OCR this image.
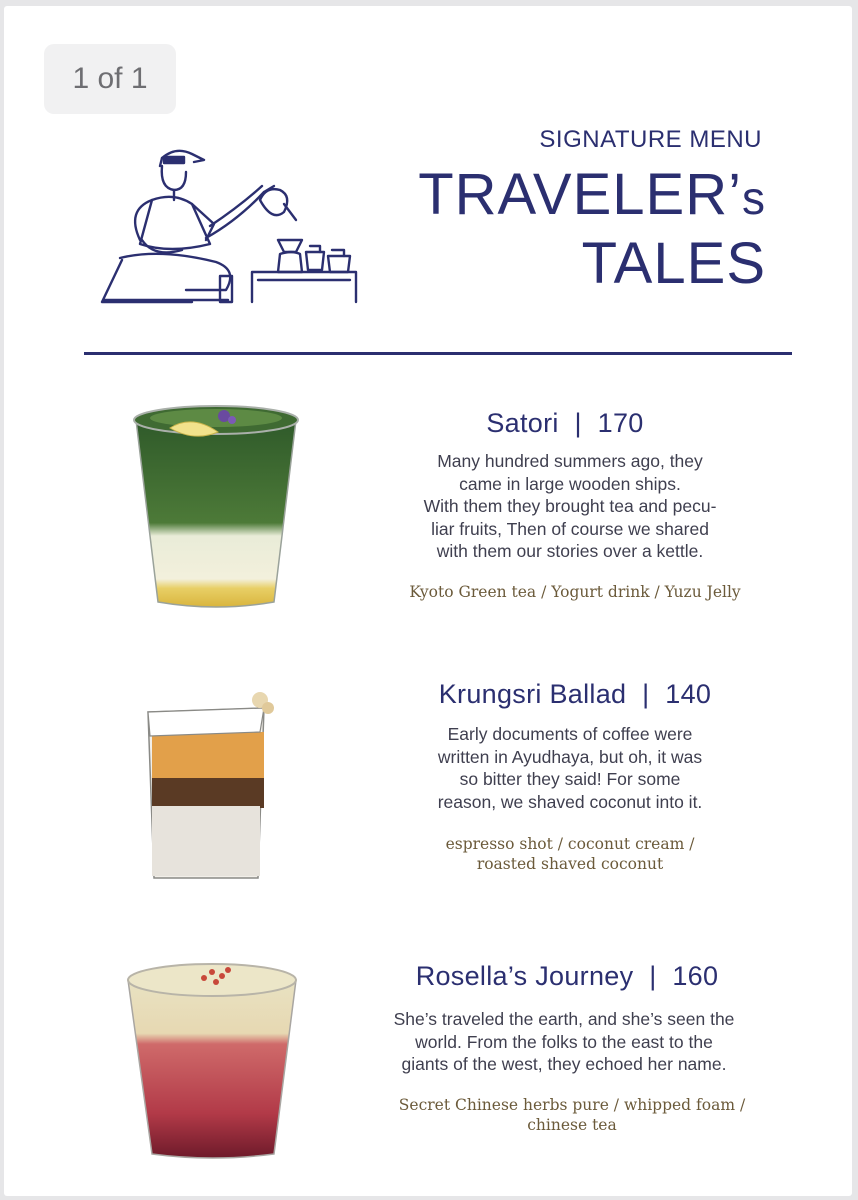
1 of 1
SIGNATURE MENU
TRAVELER’s
TALES
Satori | 170
Many hundred summers ago, they
came in large wooden ships.
With them they brought tea and pecu-
liar fruits, Then of course we shared
with them our stories over a kettle.
Kyoto Green tea / Yogurt drink / Yuzu Jelly
Krungsri Ballad | 140
Early documents of coffee were
written in Ayudhaya, but oh, it was
so bitter they said! For some
reason, we shaved coconut into it.
espresso shot / coconut cream /
roasted shaved coconut
Rosella’s Journey | 160
She’s traveled the earth, and she’s seen the
world. From the folks to the east to the
giants of the west, they echoed her name.
Secret Chinese herbs pure / whipped foam /
chinese tea
